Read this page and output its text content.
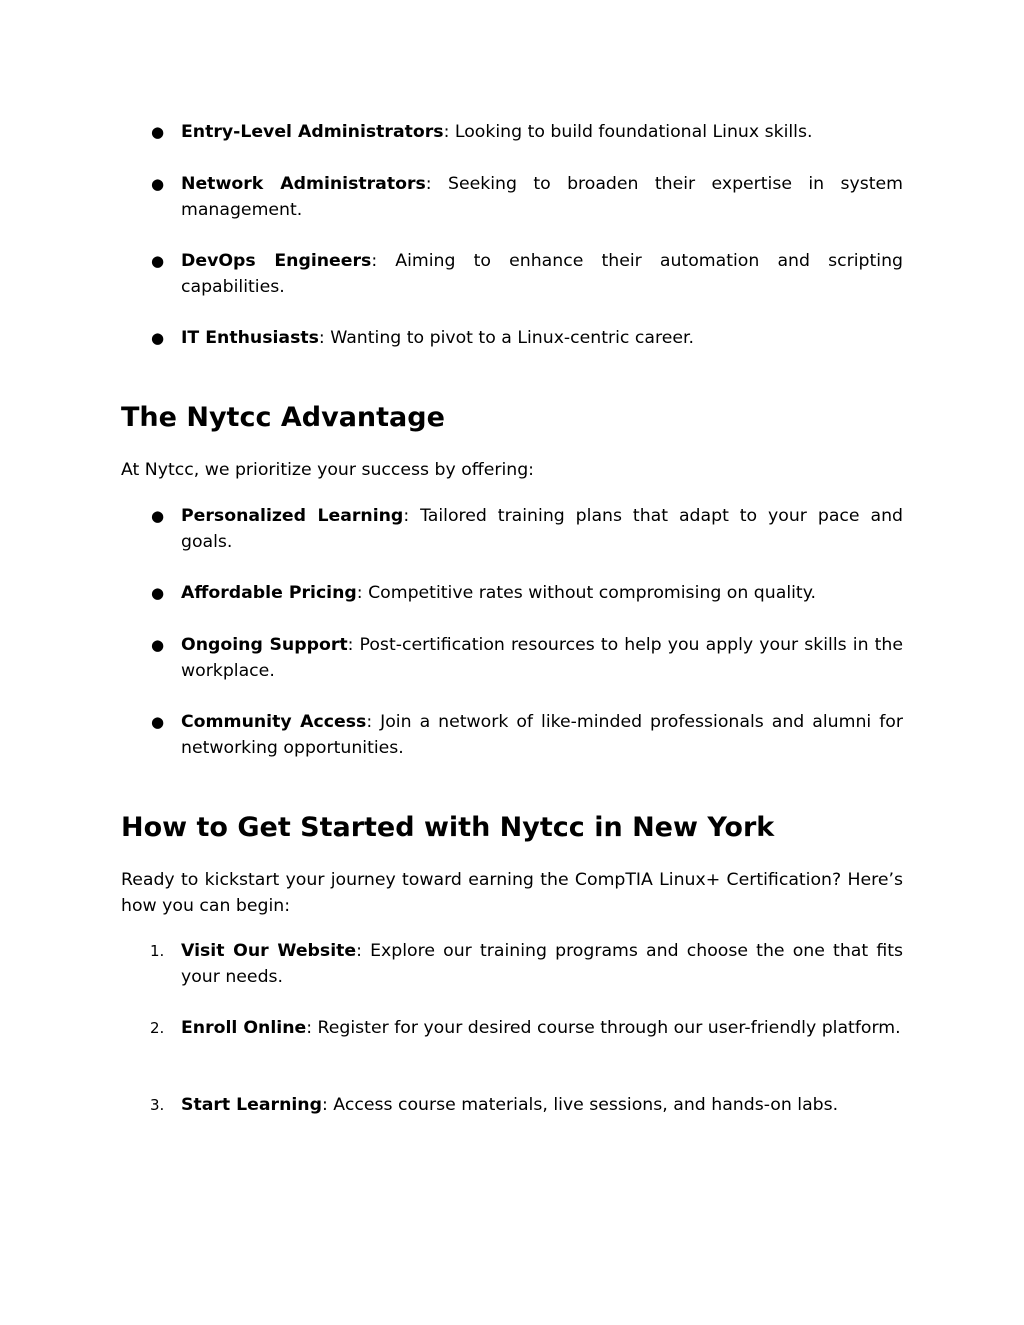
● Entry-Level Administrators: Looking to build foundational Linux skills.
● Network Administrators: Seeking to broaden their expertise in system management.
● DevOps Engineers: Aiming to enhance their automation and scripting capabilities.
● IT Enthusiasts: Wanting to pivot to a Linux-centric career.
The Nytcc Advantage

At Nytcc, we prioritize your success by offering:

● Personalized Learning: Tailored training plans that adapt to your pace and goals.
● Affordable Pricing: Competitive rates without compromising on quality.
● Ongoing Support: Post-certification resources to help you apply your skills in the workplace.
● Community Access: Join a network of like-minded professionals and alumni for networking opportunities.
How to Get Started with Nytcc in New York

Ready to kickstart your journey toward earning the CompTIA Linux+ Certification? Here’s how you can begin:

1. Visit Our Website: Explore our training programs and choose the one that fits your needs.
2. Enroll Online: Register for your desired course through our user-friendly platform.
3. Start Learning: Access course materials, live sessions, and hands-on labs.
